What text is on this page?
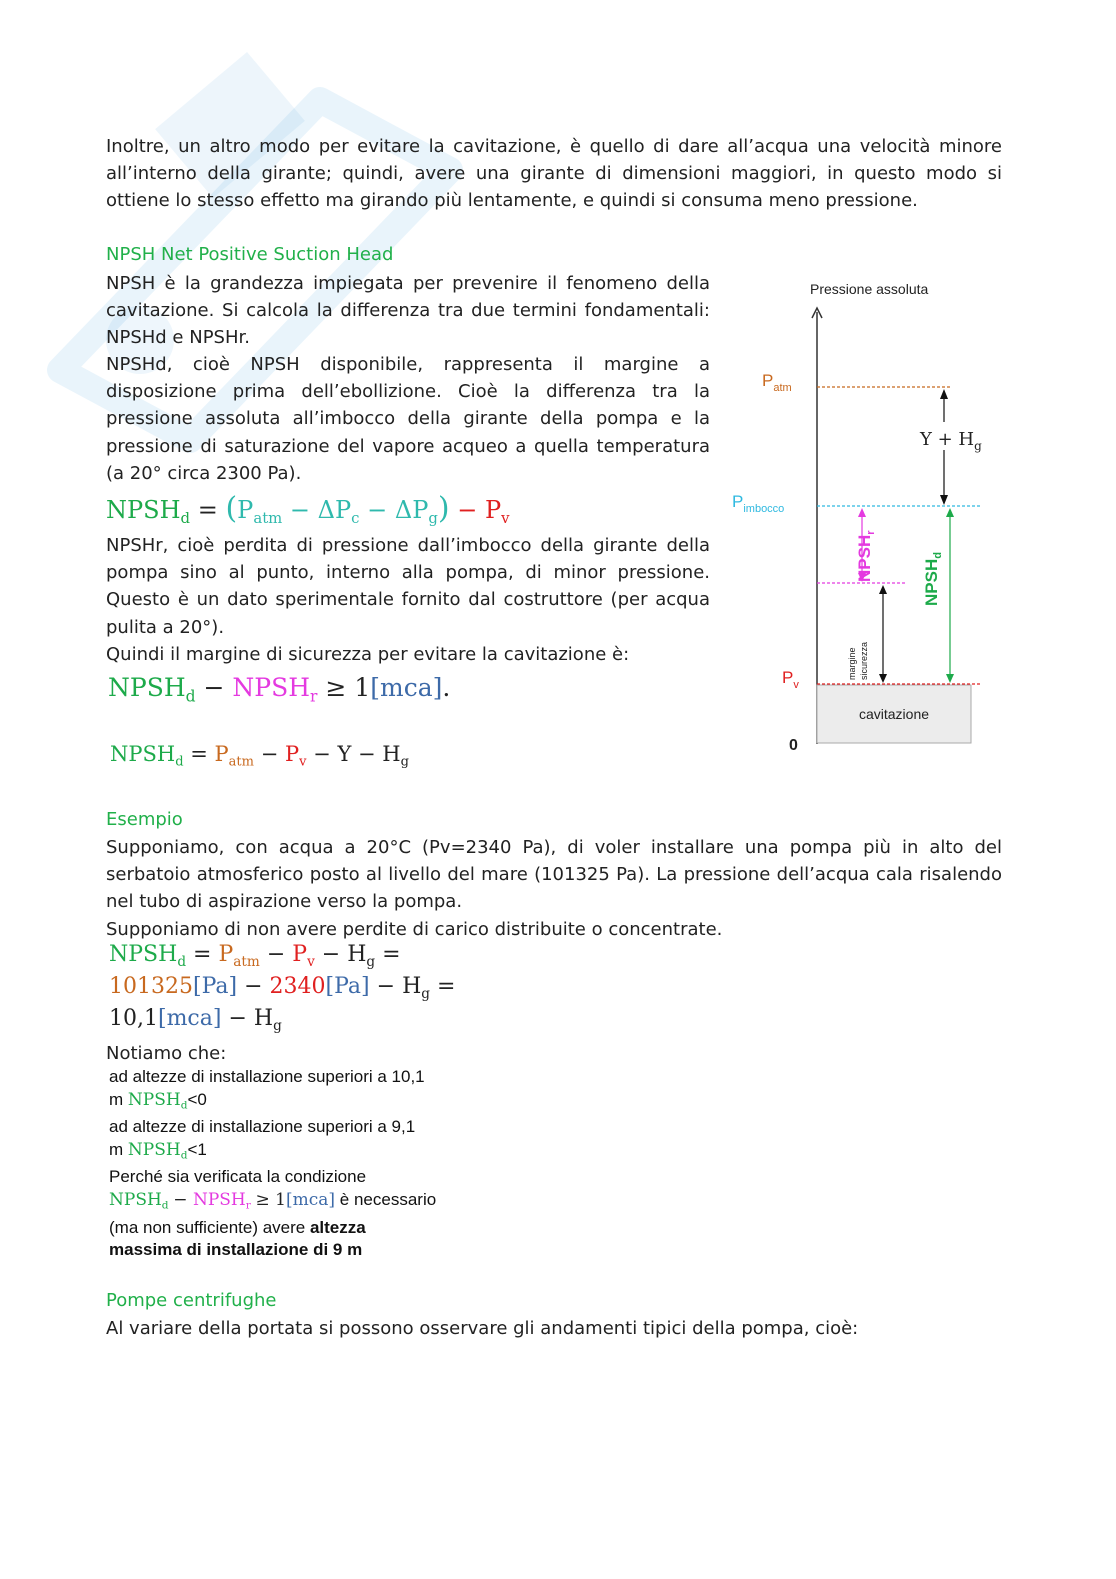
Inoltre, un altro modo per evitare la cavitazione, è quello di dare all’acqua una velocità minore all’interno della girante; quindi, avere una girante di dimensioni maggiori, in questo modo si ottiene lo stesso effetto ma girando più lentamente, e quindi si consuma meno pressione.

NPSH Net Positive Suction Head

NPSH è la grandezza impiegata per prevenire il fenomeno della cavitazione. Si calcola la differenza tra due termini fondamentali: NPSHd e NPSHr.

NPSHd, cioè NPSH disponibile, rappresenta il margine a disposizione prima dell’ebollizione. Cioè la differenza tra la pressione assoluta all’imbocco della girante della pompa e la pressione di saturazione del vapore acqueo a quella temperatura (a 20° circa 2300 Pa).

$NPSH_d = (P_{atm} - \Delta P_c - \Delta P_g) - P_v$

NPSHr, cioè perdita di pressione dall’imbocco della girante della pompa sino al punto, interno alla pompa, di minor pressione. Questo è un dato sperimentale fornito dal costruttore (per acqua pulita a 20°).

Quindi il margine di sicurezza per evitare la cavitazione è:

$NPSH_d$ − $NPSH_r \ge 1[mca]$.
$NPSH_d = P_{atm} - P_v - Y - H_g$
Pressione assoluta
cavitazione
0
$P_{atm}$
$P_{imbocco}$
$P_v$
$Y + H_g$
$NPSH_r$
margine sicurezza
$NPSH_d$

Esempio

Supponiamo, con acqua a 20°C (Pv=2340 Pa), di voler installare una pompa più in alto del serbatoio atmosferico posto al livello del mare (101325 Pa). La pressione dell’acqua cala risalendo nel tubo di aspirazione verso la pompa.

Supponiamo di non avere perdite di carico distribuite o concentrate.

$NPSH_d = P_{atm} - P_v - H_g$ =
$101325[Pa] - 2340[Pa] - H_g$ =
$10,1[mca] - H_g$

Notiamo che:

ad altezze di installazione superiori a 10,1
m $NPSH_d<0$
ad altezze di installazione superiori a 9,1
m $NPSH_d<1$
Perché sia verificata la condizione
$NPSH_d$ − $NPSH_r \ge 1[mca]$ è necessario
(ma non sufficiente) avere altezza
massima di installazione di 9 m

Pompe centrifughe

Al variare della portata si possono osservare gli andamenti tipici della pompa, cioè:
